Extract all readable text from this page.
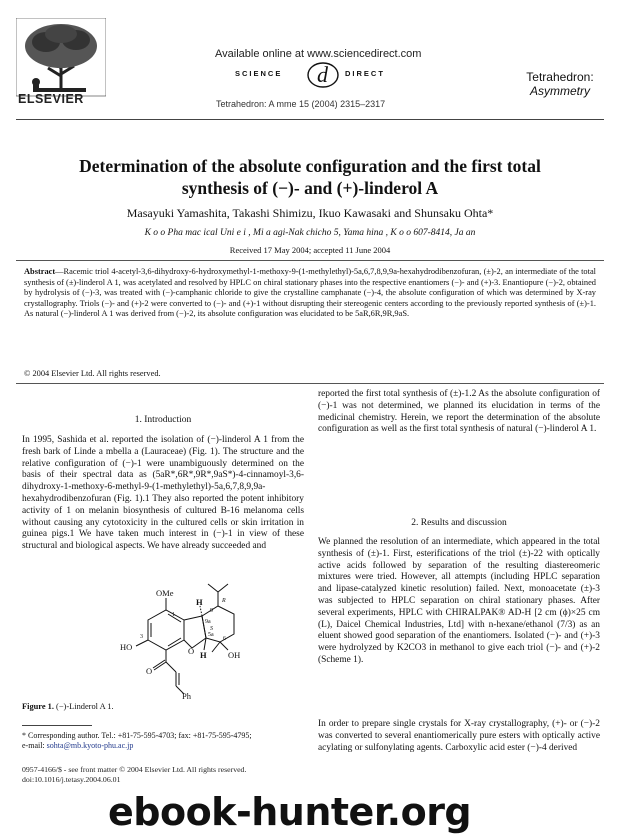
ELSEVIER
Available online at www.sciencedirect.com
SCIENCE d DIRECT
Tetrahedron: A mme 15 (2004) 2315–2317
Tetrahedron:
Asymmetry
Determination of the absolute configuration and the first total synthesis of (−)- and (+)-linderol A
Masayuki Yamashita, Takashi Shimizu, Ikuo Kawasaki and Shunsaku Ohta*
K o o Pha mac ical Uni e i , Mi a agi-Nak chicho 5, Yama hina , K o o 607-8414, Ja an
Received 17 May 2004; accepted 11 June 2004
Abstract—Racemic triol 4-acetyl-3,6-dihydroxy-6-hydroxymethyl-1-methoxy-9-(1-methylethyl)-5a,6,7,8,9,9a-hexahydrodibenzofuran, (±)-2, an intermediate of the total synthesis of (±)-linderol A 1, was acetylated and resolved by HPLC on chiral stationary phases into the respective enantiomers (−)- and (+)-3. Enantiopure (−)-2, obtained by hydrolysis of (−)-3, was treated with (−)-camphanic chloride to give the crystalline camphanate (−)-4, the absolute configuration of which was determined by X-ray crystallography. Triols (−)- and (+)-2 were converted to (−)- and (+)-1 without disrupting their stereogenic centers according to the previously reported synthesis of (±)-1. As natural (−)-linderol A 1 was derived from (−)-2, its absolute configuration was elucidated to be 5aR,6R,9R,9aS.
© 2004 Elsevier Ltd. All rights reserved.
1. Introduction
In 1995, Sashida et al. reported the isolation of (−)-linderol A 1 from the fresh bark of Linde a mbella a (Lauraceae) (Fig. 1). The structure and the relative configuration of (−)-1 were unambiguously determined on the basis of their spectral data as (5aR*,6R*,9R*,9aS*)-4-cinnamoyl-3,6-dihydroxy-1-methoxy-6-methyl-9-(1-methylethyl)-5a,6,7,8,9,9a-hexahydrodibenzofuran (Fig. 1).1 They also reported the potent inhibitory activity of 1 on melanin biosynthesis of cultured B-16 melanoma cells without causing any cytotoxicity in the cultured cells or skin irritation in guinea pigs.1 We have taken much interest in (−)-1 in view of these structural and biological aspects. We have already succeeded and
OMe
1
3
HO	O
O
Ph
H
H
9
9a
5a
6
R
S
OH
Figure 1. (−)-Linderol A 1.
* Corresponding author. Tel.: +81-75-595-4703; fax: +81-75-595-4795;
e-mail: sohta@mb.kyoto-phu.ac.jp
0957-4166/$ - see front matter © 2004 Elsevier Ltd. All rights reserved.
doi:10.1016/j.tetasy.2004.06.01
reported the first total synthesis of (±)-1.2 As the absolute configuration of (−)-1 was not determined, we planned its elucidation in terms of the medicinal chemistry. Herein, we report the determination of the absolute configuration as well as the first total synthesis of natural (−)-linderol A 1.
2. Results and discussion
We planned the resolution of an intermediate, which appeared in the total synthesis of (±)-1. First, esterifications of the triol (±)-22 with optically active acids followed by separation of the resulting diastereomeric mixtures were tried. However, all attempts (including HPLC separation and lipase-catalyzed kinetic resolution) failed. Next, monoacetate (±)-3 was subjected to HPLC separation on chiral stationary phases. After several experiments, HPLC with CHIRALPAK® AD-H [2 cm (ϕ)×25 cm (L), Daicel Chemical Industries, Ltd] with n-hexane/ethanol (7/3) as an eluent showed good separation of the enantiomers. Isolated (−)- and (+)-3 were hydrolyzed by K2CO3 in methanol to give each triol (−)- and (+)-2 (Scheme 1).
In order to prepare single crystals for X-ray crystallography, (+)- or (−)-2 was converted to several enantiomerically pure esters with optically active acylating or sulfonylating agents. Carboxylic acid ester (−)-4 derived
ebook-hunter.org
